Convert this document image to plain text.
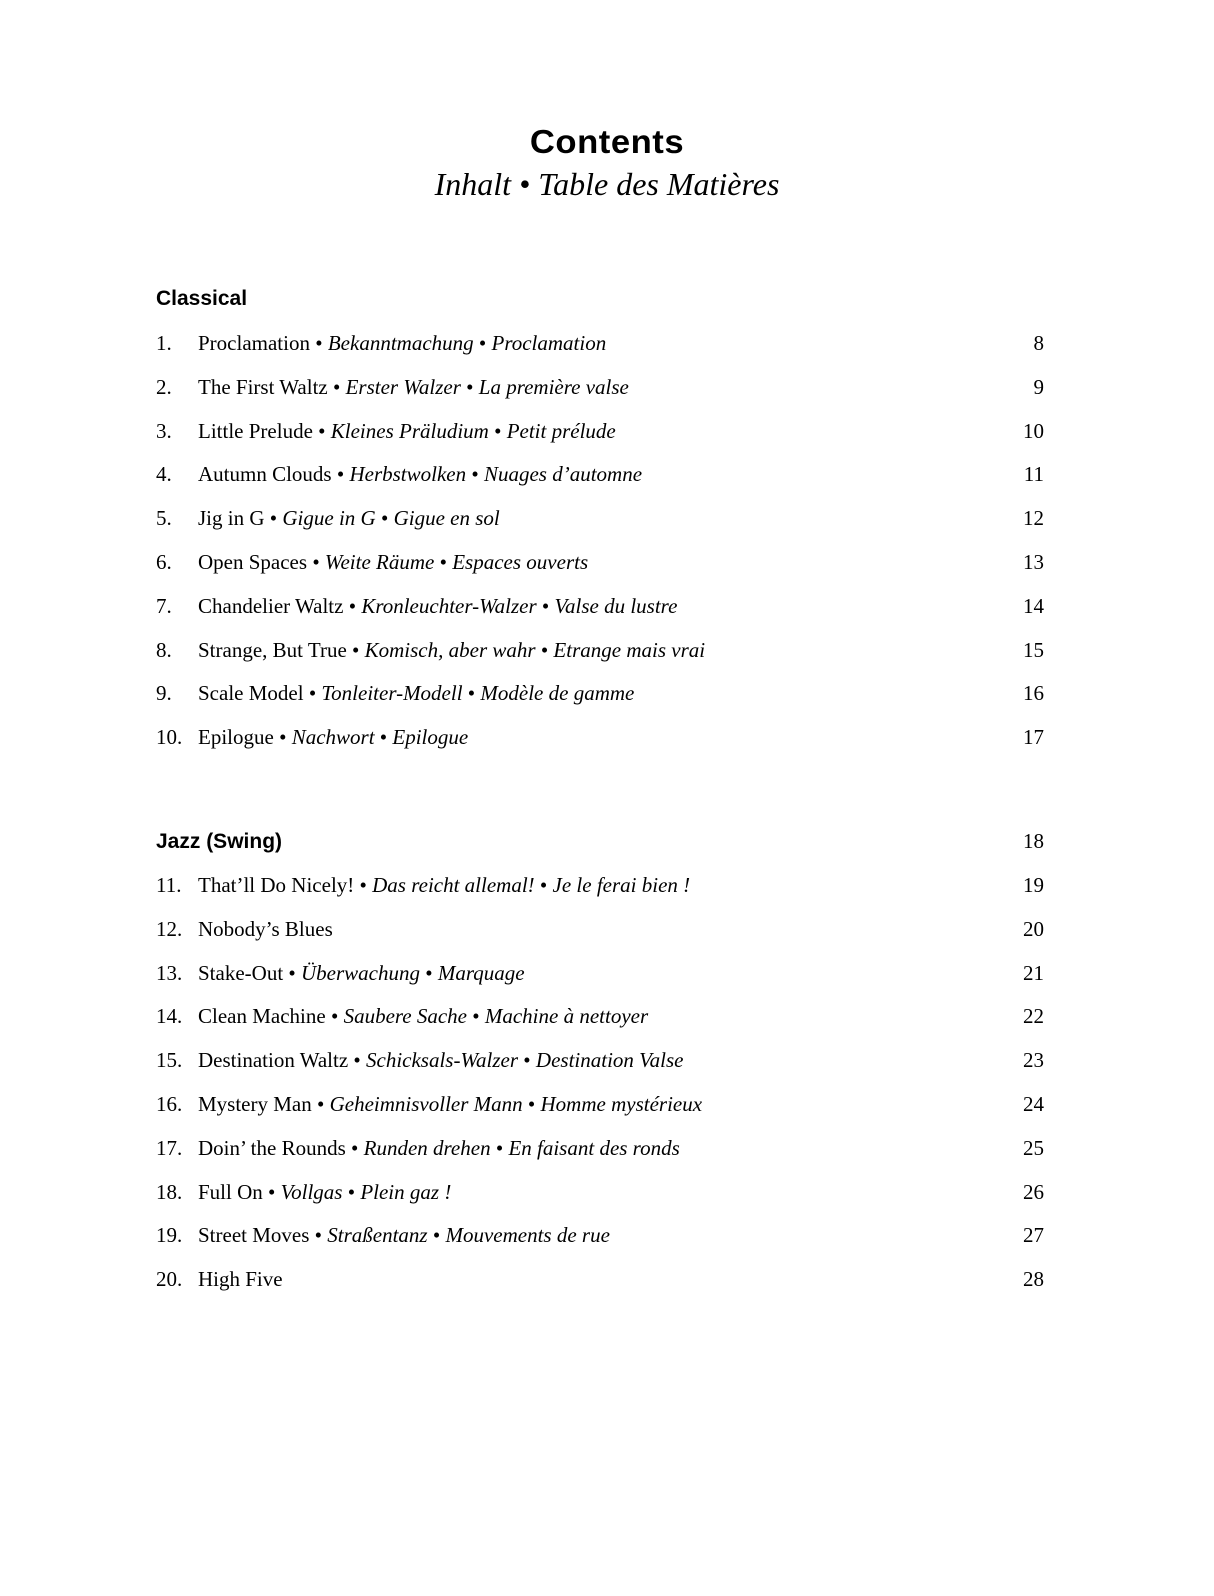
Contents
Inhalt • Table des Matières
Classical
1.	Proclamation • Bekanntmachung • Proclamation	8
2.	The First Waltz • Erster Walzer • La première valse	9
3.	Little Prelude • Kleines Präludium • Petit prélude	10
4.	Autumn Clouds • Herbstwolken • Nuages d’automne	11
5.	Jig in G • Gigue in G • Gigue en sol	12
6.	Open Spaces • Weite Räume • Espaces ouverts	13
7.	Chandelier Waltz • Kronleuchter-Walzer • Valse du lustre	14
8.	Strange, But True • Komisch, aber wahr • Etrange mais vrai	15
9.	Scale Model • Tonleiter-Modell • Modèle de gamme	16
10. Epilogue • Nachwort • Epilogue	17
Jazz (Swing)	18
11. That’ll Do Nicely! • Das reicht allemal! • Je le ferai bien !	19
12. Nobody’s Blues	20
13. Stake-Out • Überwachung • Marquage	21
14. Clean Machine • Saubere Sache • Machine à nettoyer	22
15. Destination Waltz • Schicksals-Walzer • Destination Valse	23
16. Mystery Man • Geheimnisvoller Mann • Homme mystérieux	24
17. Doin’ the Rounds • Runden drehen • En faisant des ronds	25
18. Full On • Vollgas • Plein gaz !	26
19. Street Moves • Straßentanz • Mouvements de rue	27
20. High Five	28
